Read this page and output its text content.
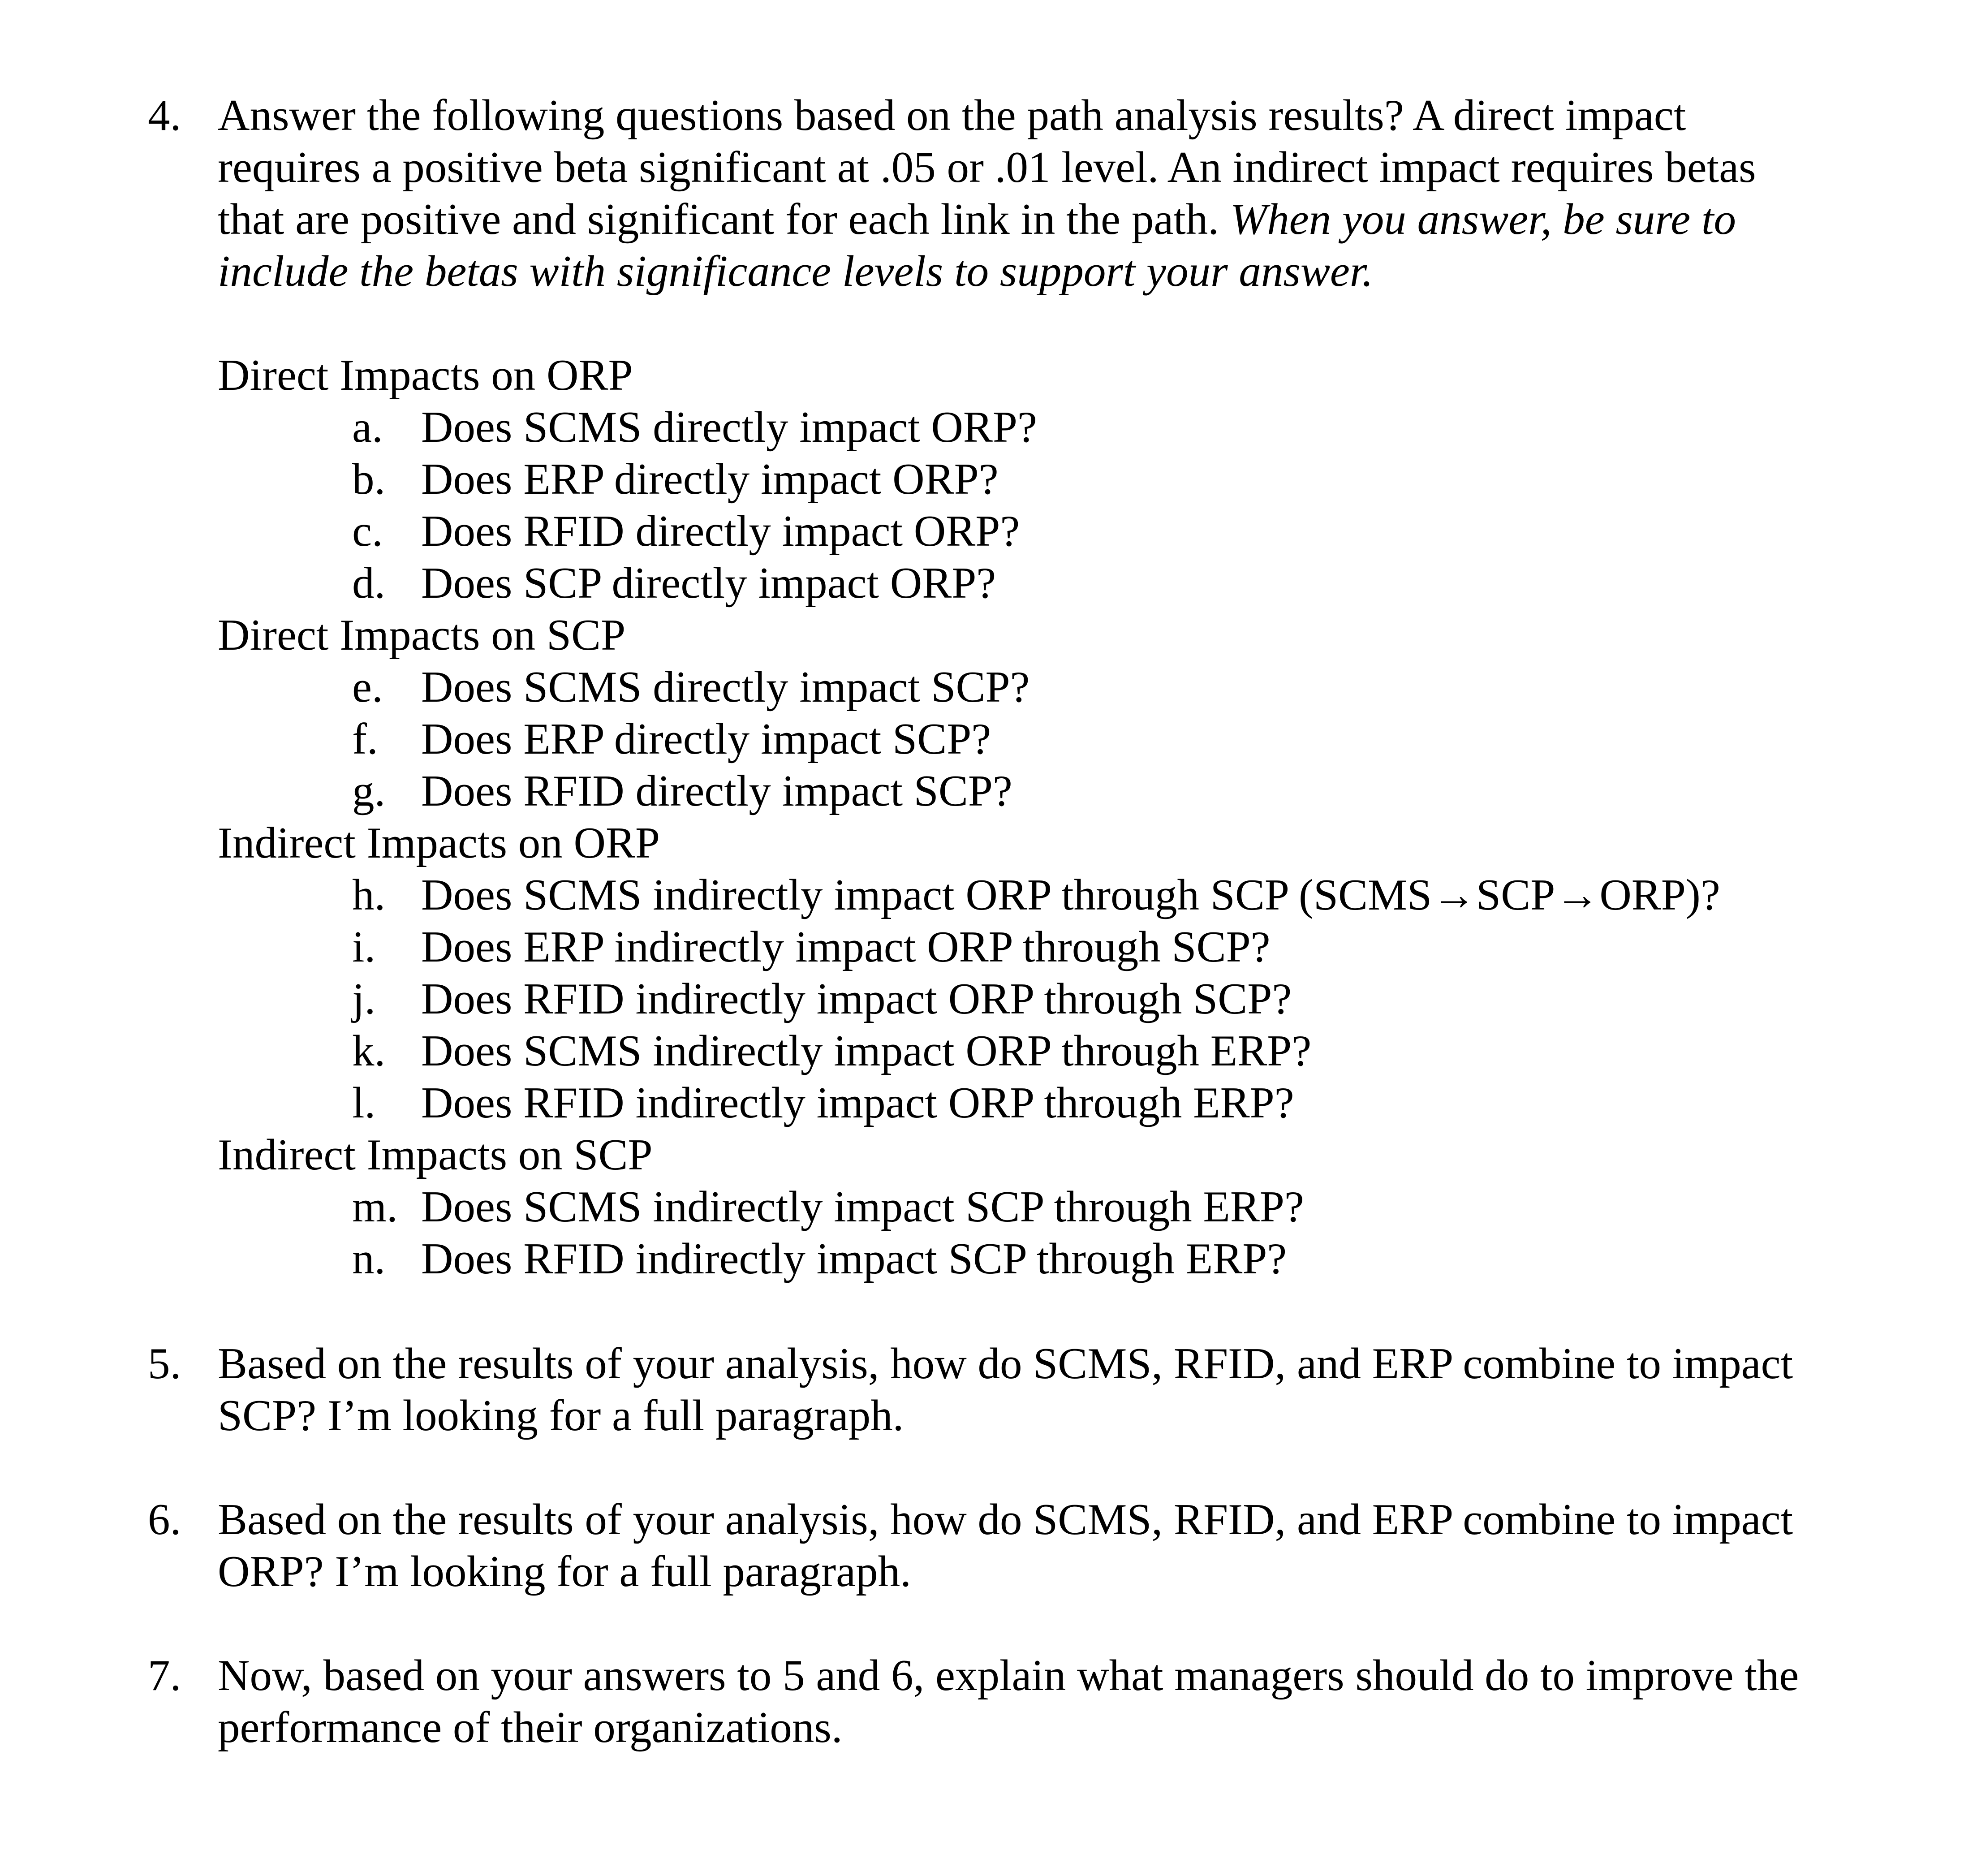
4. Answer the following questions based on the path analysis results? A direct impact
requires a positive beta significant at .05 or .01 level. An indirect impact requires betas
that are positive and significant for each link in the path. When you answer, be sure to
include the betas with significance levels to support your answer.
Direct Impacts on ORP
a. Does SCMS directly impact ORP?
b. Does ERP directly impact ORP?
c. Does RFID directly impact ORP?
d. Does SCP directly impact ORP?
Direct Impacts on SCP
e. Does SCMS directly impact SCP?
f. Does ERP directly impact SCP?
g. Does RFID directly impact SCP?
Indirect Impacts on ORP
h. Does SCMS indirectly impact ORP through SCP (SCMS→SCP→ORP)?
i. Does ERP indirectly impact ORP through SCP?
j. Does RFID indirectly impact ORP through SCP?
k. Does SCMS indirectly impact ORP through ERP?
l. Does RFID indirectly impact ORP through ERP?
Indirect Impacts on SCP
m. Does SCMS indirectly impact SCP through ERP?
n. Does RFID indirectly impact SCP through ERP?
5. Based on the results of your analysis, how do SCMS, RFID, and ERP combine to impact
SCP? I’m looking for a full paragraph.
6. Based on the results of your analysis, how do SCMS, RFID, and ERP combine to impact
ORP? I’m looking for a full paragraph.
7. Now, based on your answers to 5 and 6, explain what managers should do to improve the
performance of their organizations.
